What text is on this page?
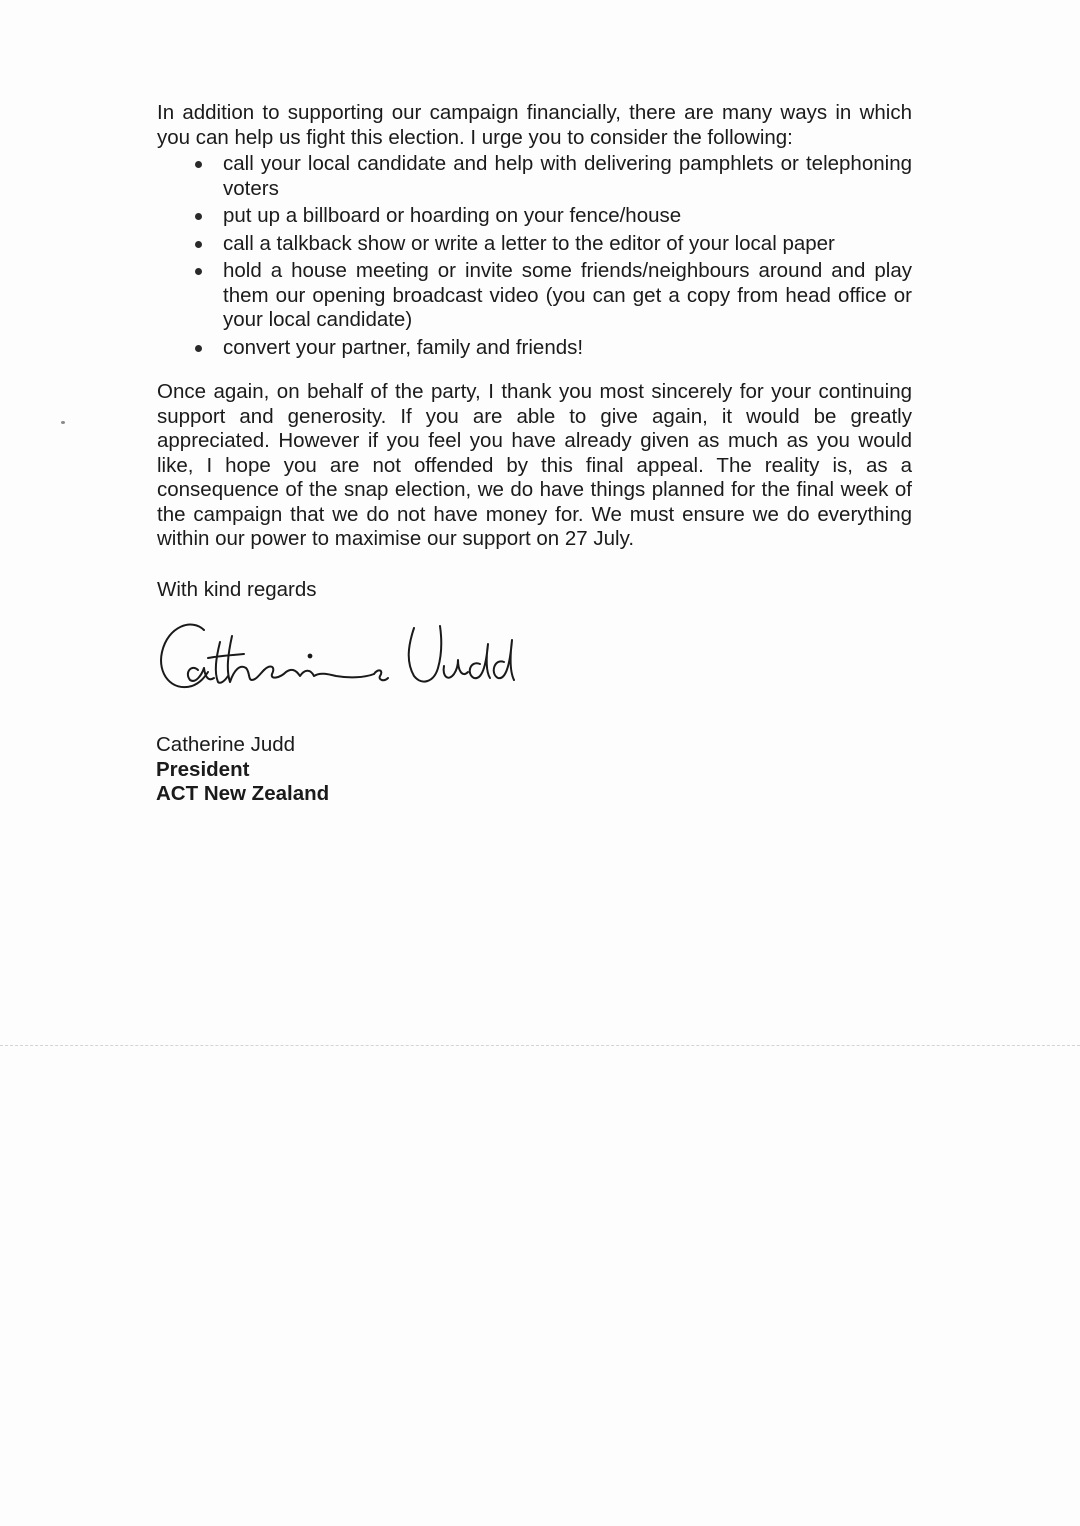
In addition to supporting our campaign financially, there are many ways in which you can help us fight this election. I urge you to consider the following:

call your local candidate and help with delivering pamphlets or telephoning voters
put up a billboard or hoarding on your fence/house
call a talkback show or write a letter to the editor of your local paper
hold a house meeting or invite some friends/neighbours around and play them our opening broadcast video (you can get a copy from head office or your local candidate)
convert your partner, family and friends!

Once again, on behalf of the party, I thank you most sincerely for your continuing support and generosity. If you are able to give again, it would be greatly appreciated. However if you feel you have already given as much as you would like, I hope you are not offended by this final appeal. The reality is, as a consequence of the snap election, we do have things planned for the final week of the campaign that we do not have money for. We must ensure we do everything within our power to maximise our support on 27 July.

With kind regards

Catherine Judd
President
ACT New Zealand
